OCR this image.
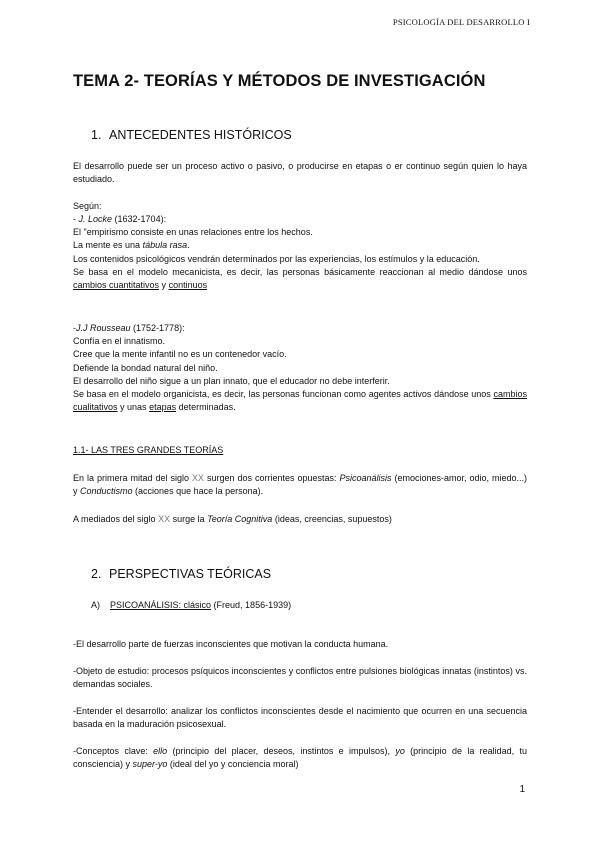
PSICOLOGÍA DEL DESARROLLO I
TEMA 2- TEORÍAS Y MÉTODOS DE INVESTIGACIÓN
1. ANTECEDENTES HISTÓRICOS

El desarrollo puede ser un proceso activo o pasivo, o producirse en etapas o er continuo según quien lo haya estudiado.

Según:

- J. Locke (1632-1704):
El "empirismo consiste en unas relaciones entre los hechos.
La mente es una tábula rasa.
Los contenidos psicológicos vendrán determinados por las experiencias, los estímulos y la educación.
Se basa en el modelo mecanicista, es decir, las personas básicamente reaccionan al medio dándose unos cambios cuantitativos y continuos
-J.J Rousseau (1752-1778):
Confía en el innatismo.
Cree que la mente infantil no es un contenedor vacío.
Defiende la bondad natural del niño.
El desarrollo del niño sigue a un plan innato, que el educador no debe interferir.
Se basa en el modelo organicista, es decir, las personas funcionan como agentes activos dándose unos cambios cualitativos y unas etapas determinadas.
1.1- LAS TRES GRANDES TEORÍAS

En la primera mitad del siglo XX surgen dos corrientes opuestas: Psicoanálisis (emociones-amor, odio, miedo...) y Conductismo (acciones que hace la persona).

A mediados del siglo XX surge la Teoría Cognitiva (ideas, creencias, supuestos)

2. PERSPECTIVAS TEÓRICAS
A) PSICOANÁLISIS: clásico (Freud, 1856-1939)

-El desarrollo parte de fuerzas inconscientes que motivan la conducta humana.

-Objeto de estudio: procesos psíquicos inconscientes y conflictos entre pulsiones biológicas innatas (instintos) vs. demandas sociales.

-Entender el desarrollo: analizar los conflictos inconscientes desde el nacimiento que ocurren en una secuencia basada en la maduración psicosexual.

-Conceptos clave: ello (principio del placer, deseos, instintos e impulsos), yo (principio de la realidad, tu consciencia) y super-yo (ideal del yo y conciencia moral)

1
